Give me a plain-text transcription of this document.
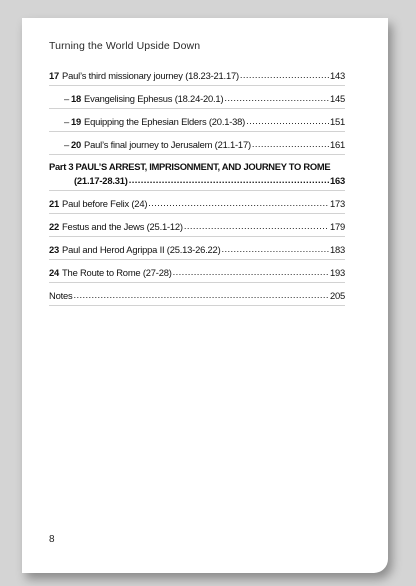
Turning the World Upside Down
17 Paul’s third missionary journey (18.23-21.17) .....	143
– 18 Evangelising Ephesus (18.24-20.1) .....	145
– 19 Equipping the Ephesian Elders (20.1-38) .....	151
– 20 Paul’s final journey to Jerusalem (21.1-17) .....	161
Part 3 PAUL’S ARREST, IMPRISONMENT, AND JOURNEY TO ROME
(21.17-28.31) .....	163
21 Paul before Felix (24) .....	173
22 Festus and the Jews (25.1-12) .....	179
23 Paul and Herod Agrippa II (25.13-26.22) .....	183
24 The Route to Rome (27-28) .....	193
Notes .....	205
8
